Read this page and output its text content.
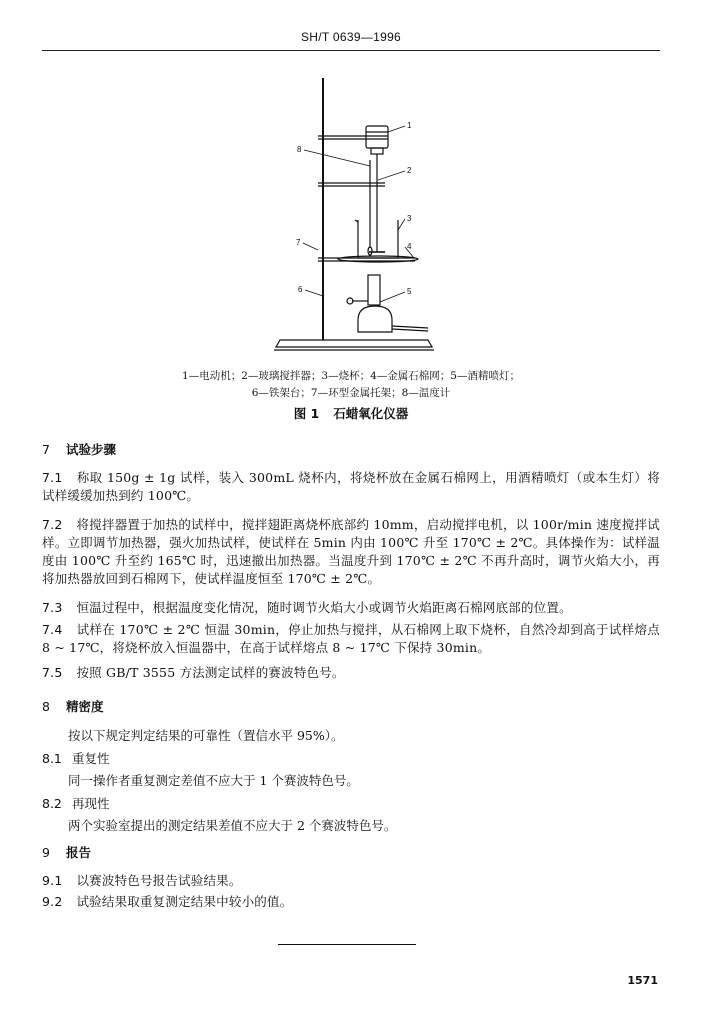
SH/T 0639—1996
1
2
3
4
5
6
7
8
1—电动机；2—玻璃搅拌器；3—烧杯；4—金属石棉网；5—酒精喷灯；
6—铁架台；7—环型金属托架；8—温度计
图 1 石蜡氧化仪器
7 试验步骤
7.1 称取 150g ± 1g 试样，装入 300mL 烧杯内，将烧杯放在金属石棉网上，用酒精喷灯（或本生灯）将试样缓缓加热到约 100℃。
7.2 将搅拌器置于加热的试样中，搅拌翅距离烧杯底部约 10mm，启动搅拌电机，以 100r/min 速度搅拌试样。立即调节加热器，强火加热试样，使试样在 5min 内由 100℃ 升至 170℃ ± 2℃。具体操作为：试样温度由 100℃ 升至约 165℃ 时，迅速撤出加热器。当温度升到 170℃ ± 2℃ 不再升高时，调节火焰大小，再将加热器放回到石棉网下，使试样温度恒至 170℃ ± 2℃。
7.3 恒温过程中，根据温度变化情况，随时调节火焰大小或调节火焰距离石棉网底部的位置。
7.4 试样在 170℃ ± 2℃ 恒温 30min，停止加热与搅拌，从石棉网上取下烧杯，自然冷却到高于试样熔点 8 ~ 17℃，将烧杯放入恒温器中，在高于试样熔点 8 ~ 17℃ 下保持 30min。
7.5 按照 GB/T 3555 方法测定试样的赛波特色号。
8 精密度
按以下规定判定结果的可靠性（置信水平 95%）。
8.1 重复性
同一操作者重复测定差值不应大于 1 个赛波特色号。
8.2 再现性
两个实验室提出的测定结果差值不应大于 2 个赛波特色号。
9 报告
9.1 以赛波特色号报告试验结果。
9.2 试验结果取重复测定结果中较小的值。
1571
